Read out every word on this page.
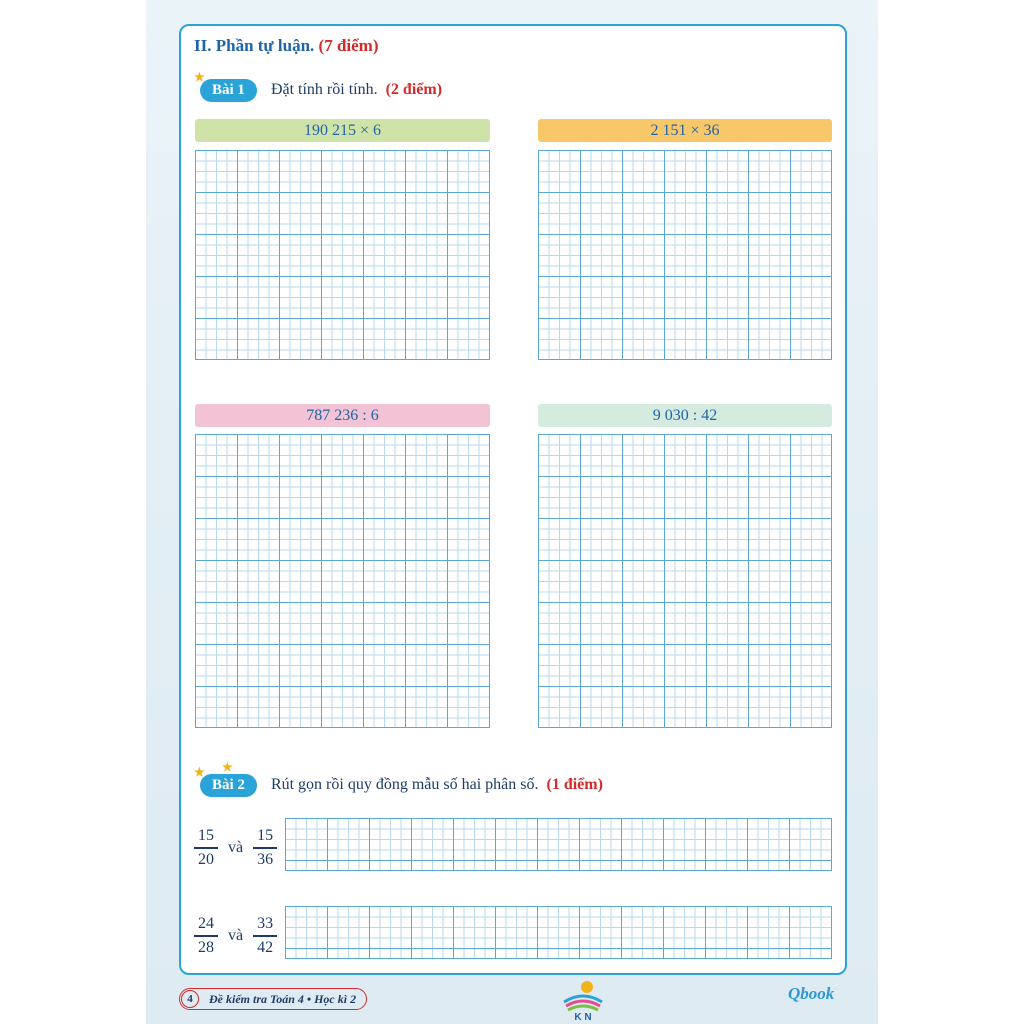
II. Phần tự luận. (7 điểm)
★
Bài 1	Đặt tính rồi tính. (2 điểm)
190 215 × 6	2 151 × 36
787 236 : 6	9 030 : 42
★ ★
Bài 2	Rút gọn rồi quy đồng mẫu số hai phân số. (1 điểm)
$\frac{15}{20}$ và $\frac{15}{36}$
$\frac{24}{28}$ và $\frac{33}{42}$
4	Đề kiểm tra Toán 4 • Học kì 2
K N
Qbook
